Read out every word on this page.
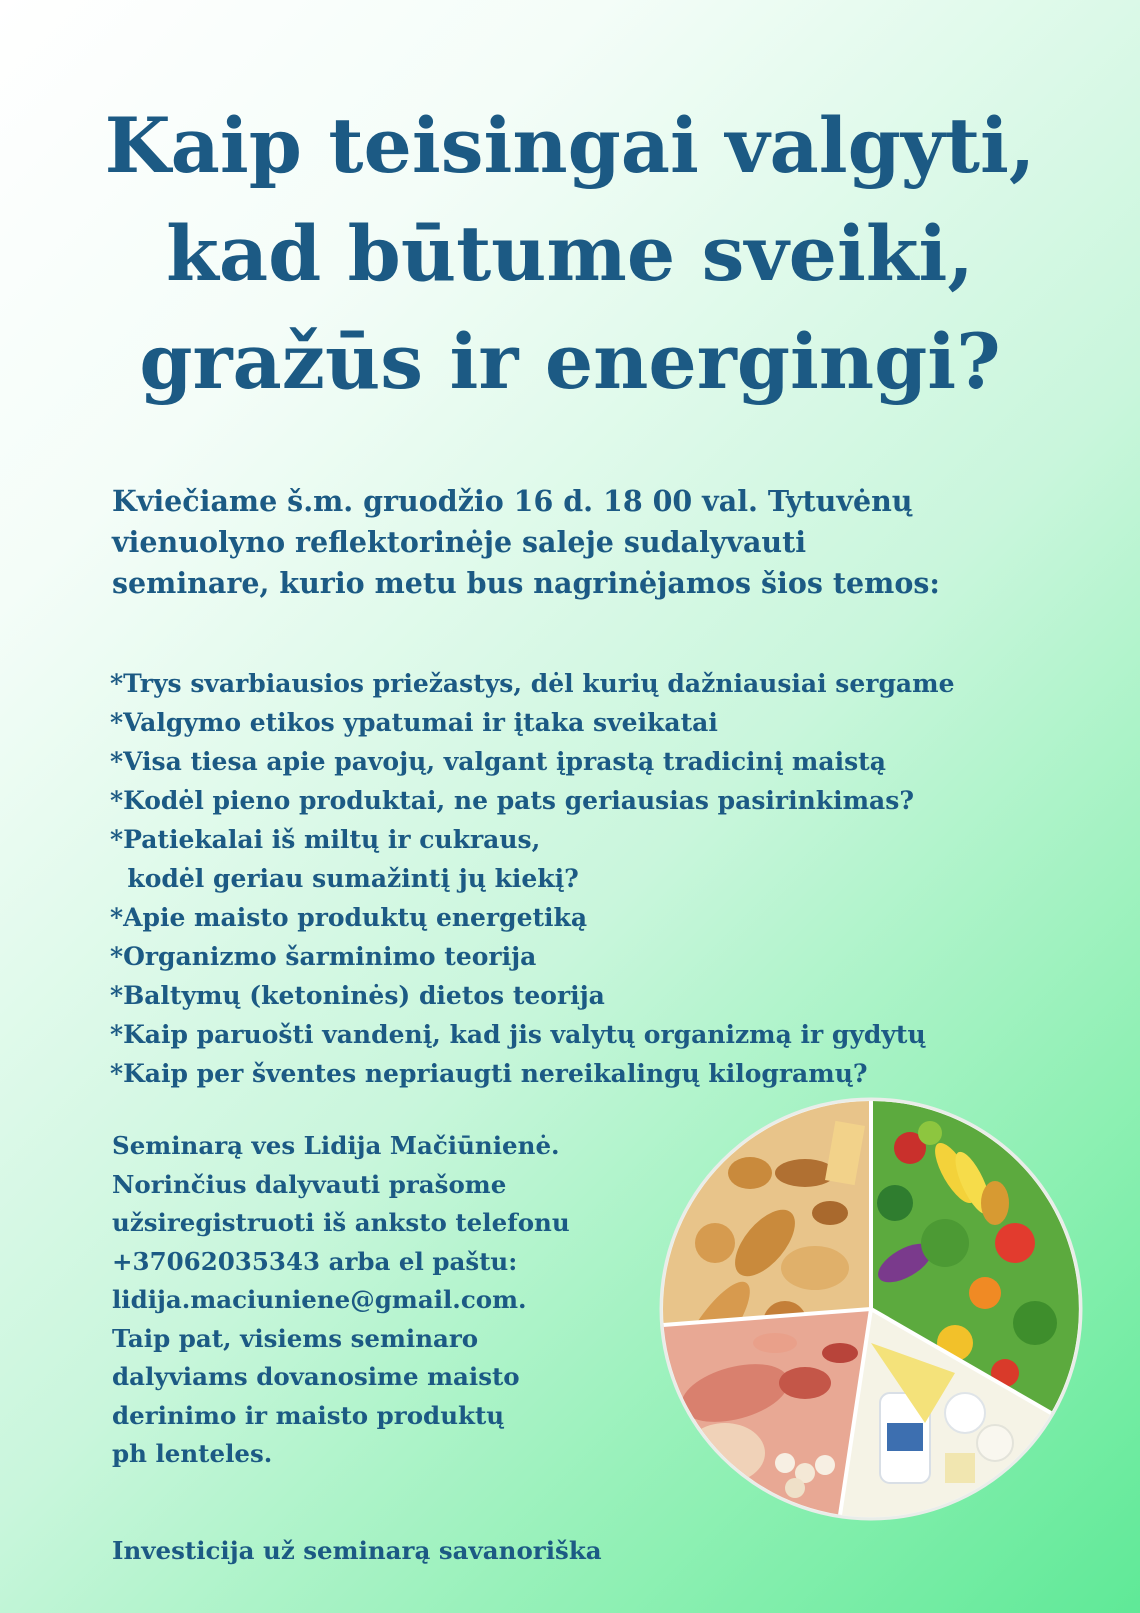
Kaip teisingai valgyti,
kad būtume sveiki,
gražūs ir energingi?

Kviečiame š.m. gruodžio 16 d. 18 00 val. Tytuvėnų
vienuolyno reflektorinėje saleje sudalyvauti
seminare, kurio metu bus nagrinėjamos šios temos:

*Trys svarbiausios priežastys, dėl kurių dažniausiai sergame
*Valgymo etikos ypatumai ir įtaka sveikatai
*Visa tiesa apie pavojų, valgant įprastą tradicinį maistą
*Kodėl pieno produktai, ne pats geriausias pasirinkimas?
*Patiekalai iš miltų ir cukraus,
kodėl geriau sumažintį jų kiekį?
*Apie maisto produktų energetiką
*Organizmo šarminimo teorija
*Baltymų (ketoninės) dietos teorija
*Kaip paruošti vandenį, kad jis valytų organizmą ir gydytų
*Kaip per šventes nepriaugti nereikalingų kilogramų?

Seminarą ves Lidija Mačiūnienė.
Norinčius dalyvauti prašome
užsiregistruoti iš anksto telefonu
+37062035343 arba el paštu:
lidija.maciuniene@gmail.com.
Taip pat, visiems seminaro
dalyviams dovanosime maisto
derinimo ir maisto produktų
ph lenteles.

Investicija už seminarą savanoriška
